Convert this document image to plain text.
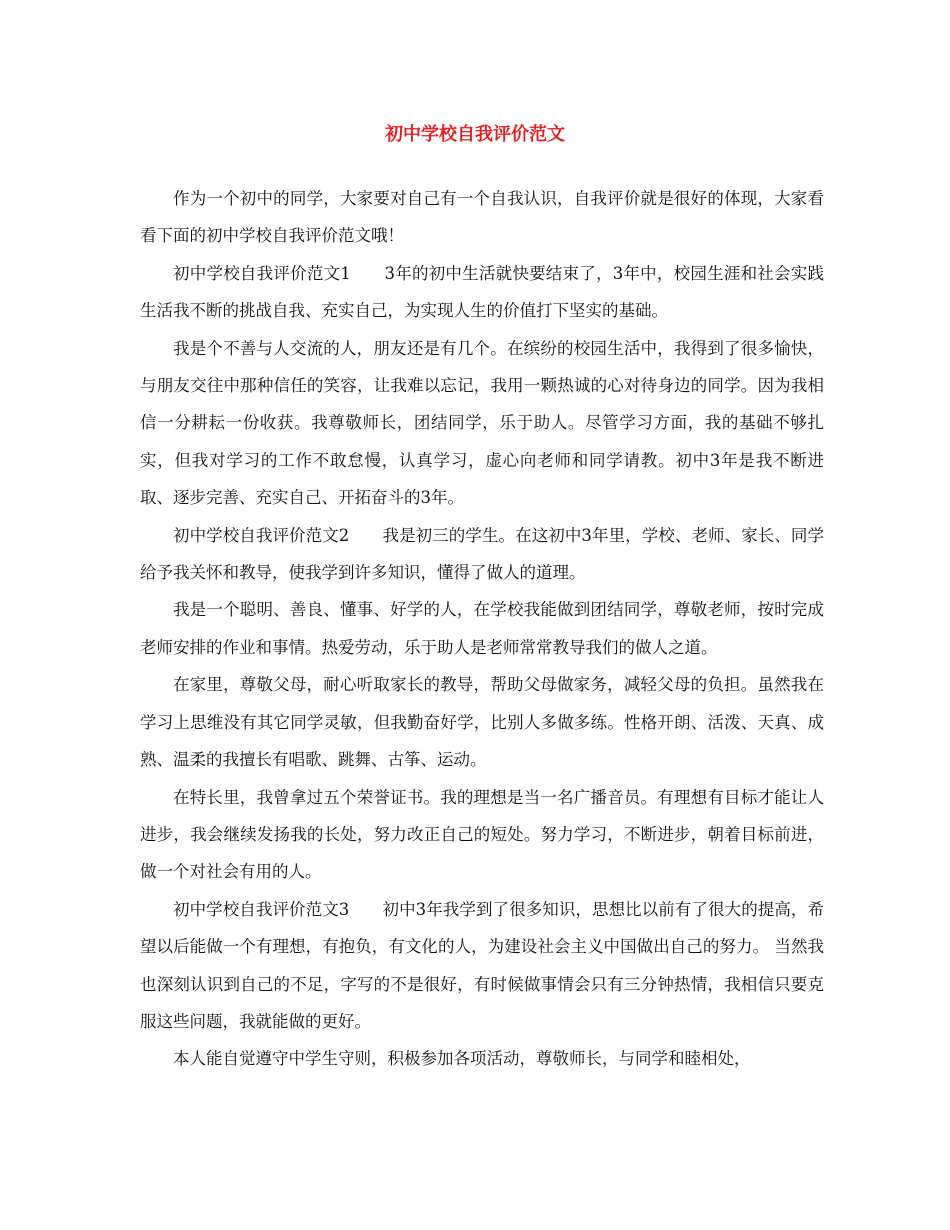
初中学校自我评价范文

作为一个初中的同学，大家要对自己有一个自我认识，自我评价就是很好的体现，大家看看下面的初中学校自我评价范文哦！

初中学校自我评价范文1　　3年的初中生活就快要结束了，3年中，校园生涯和社会实践生活我不断的挑战自我、充实自己，为实现人生的价值打下坚实的基础。

我是个不善与人交流的人，朋友还是有几个。在缤纷的校园生活中，我得到了很多愉快，与朋友交往中那种信任的笑容，让我难以忘记，我用一颗热诚的心对待身边的同学。因为我相信一分耕耘一份收获。我尊敬师长，团结同学，乐于助人。尽管学习方面，我的基础不够扎实，但我对学习的工作不敢怠慢，认真学习，虚心向老师和同学请教。初中3年是我不断进取、逐步完善、充实自己、开拓奋斗的3年。

初中学校自我评价范文2　　我是初三的学生。在这初中3年里，学校、老师、家长、同学给予我关怀和教导，使我学到许多知识，懂得了做人的道理。

我是一个聪明、善良、懂事、好学的人，在学校我能做到团结同学，尊敬老师，按时完成老师安排的作业和事情。热爱劳动，乐于助人是老师常常教导我们的做人之道。

在家里，尊敬父母，耐心听取家长的教导，帮助父母做家务，减轻父母的负担。虽然我在学习上思维没有其它同学灵敏，但我勤奋好学，比别人多做多练。性格开朗、活泼、天真、成熟、温柔的我擅长有唱歌、跳舞、古筝、运动。

在特长里，我曾拿过五个荣誉证书。我的理想是当一名广播音员。有理想有目标才能让人进步，我会继续发扬我的长处，努力改正自己的短处。努力学习，不断进步，朝着目标前进，做一个对社会有用的人。

初中学校自我评价范文3　　初中3年我学到了很多知识，思想比以前有了很大的提高，希望以后能做一个有理想，有抱负，有文化的人，为建设社会主义中国做出自己的努力。 当然我也深刻认识到自己的不足，字写的不是很好，有时候做事情会只有三分钟热情，我相信只要克服这些问题，我就能做的更好。

本人能自觉遵守中学生守则，积极参加各项活动，尊敬师长，与同学和睦相处，
